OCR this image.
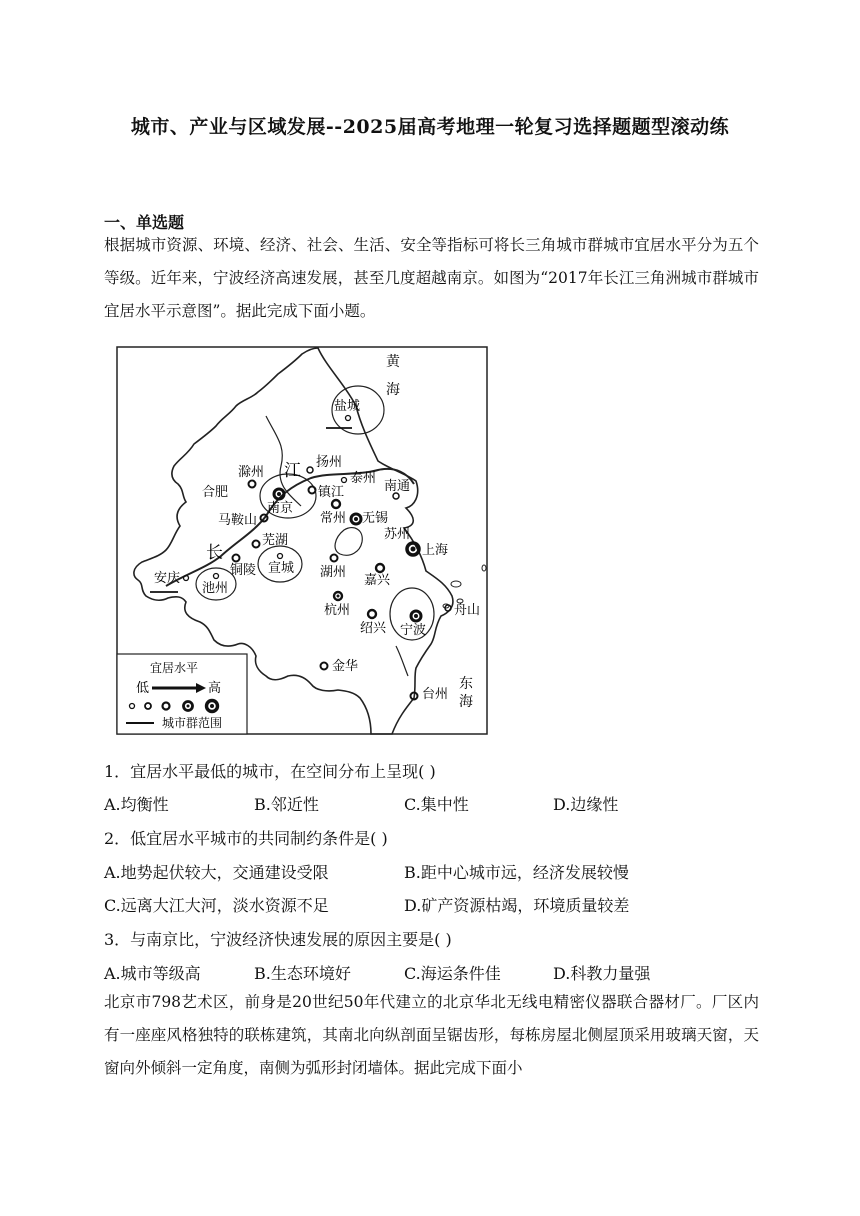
城市、产业与区域发展--2025届高考地理一轮复习选择题题型滚动练
一、单选题
根据城市资源、环境、经济、社会、生活、安全等指标可将长三角城市群城市宜居水平分为五个等级。近年来，宁波经济高速发展，甚至几度超越南京。如图为“2017年长江三角洲城市群城市宜居水平示意图”。据此完成下面小题。
黄
海
东
海
江
长
盐城
扬州
泰州
南通
滁州
合肥
南京
镇江
常州 无锡
苏州
上海
马鞍山
芜湖
宣城
铜陵
池州
安庆	湖州
嘉兴
杭州
绍兴 宁波
舟山
金华
台州
宜居水平
低	高
城市群范围
1．宜居水平最低的城市，在空间分布上呈现( )
A.均衡性	B.邻近性	C.集中性	D.边缘性
2．低宜居水平城市的共同制约条件是( )
A.地势起伏较大，交通建设受限	B.距中心城市远，经济发展较慢
C.远离大江大河，淡水资源不足	D.矿产资源枯竭，环境质量较差
3．与南京比，宁波经济快速发展的原因主要是( )
A.城市等级高	B.生态环境好	C.海运条件佳	D.科教力量强
北京市798艺术区，前身是20世纪50年代建立的北京华北无线电精密仪器联合器材厂。厂区内有一座座风格独特的联栋建筑，其南北向纵剖面呈锯齿形，每栋房屋北侧屋顶采用玻璃天窗，天窗向外倾斜一定角度，南侧为弧形封闭墙体。据此完成下面小
